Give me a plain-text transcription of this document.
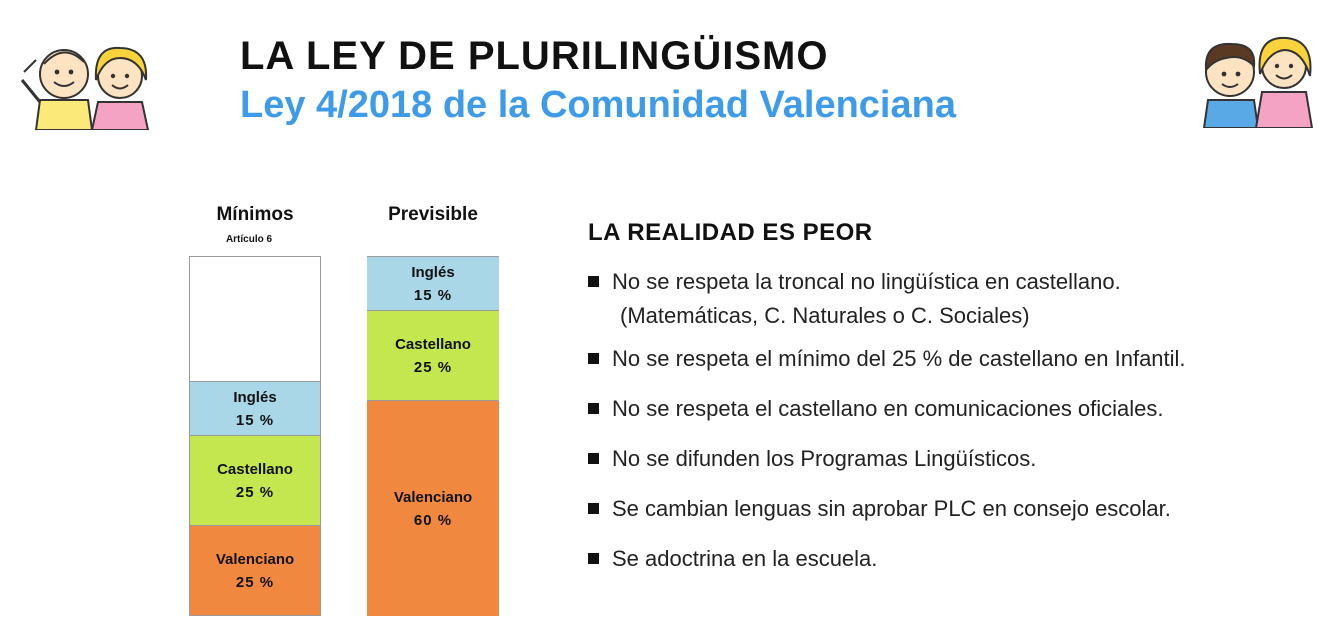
LA LEY DE PLURILINGÜISMO
Ley 4/2018 de la Comunidad Valenciana
Mínimos
Artículo 6
Previsible
Valenciano
25 %
Castellano
25 %
Inglés
15 %
Valenciano
60 %
Castellano
25 %
Inglés
15 %
LA REALIDAD ES PEOR
No se respeta la troncal no lingüística en castellano.
(Matemáticas, C. Naturales o C. Sociales)
No se respeta el mínimo del 25 % de castellano en Infantil.
No se respeta el castellano en comunicaciones oficiales.
No se difunden los Programas Lingüísticos.
Se cambian lenguas sin aprobar PLC en consejo escolar.
Se adoctrina en la escuela.
